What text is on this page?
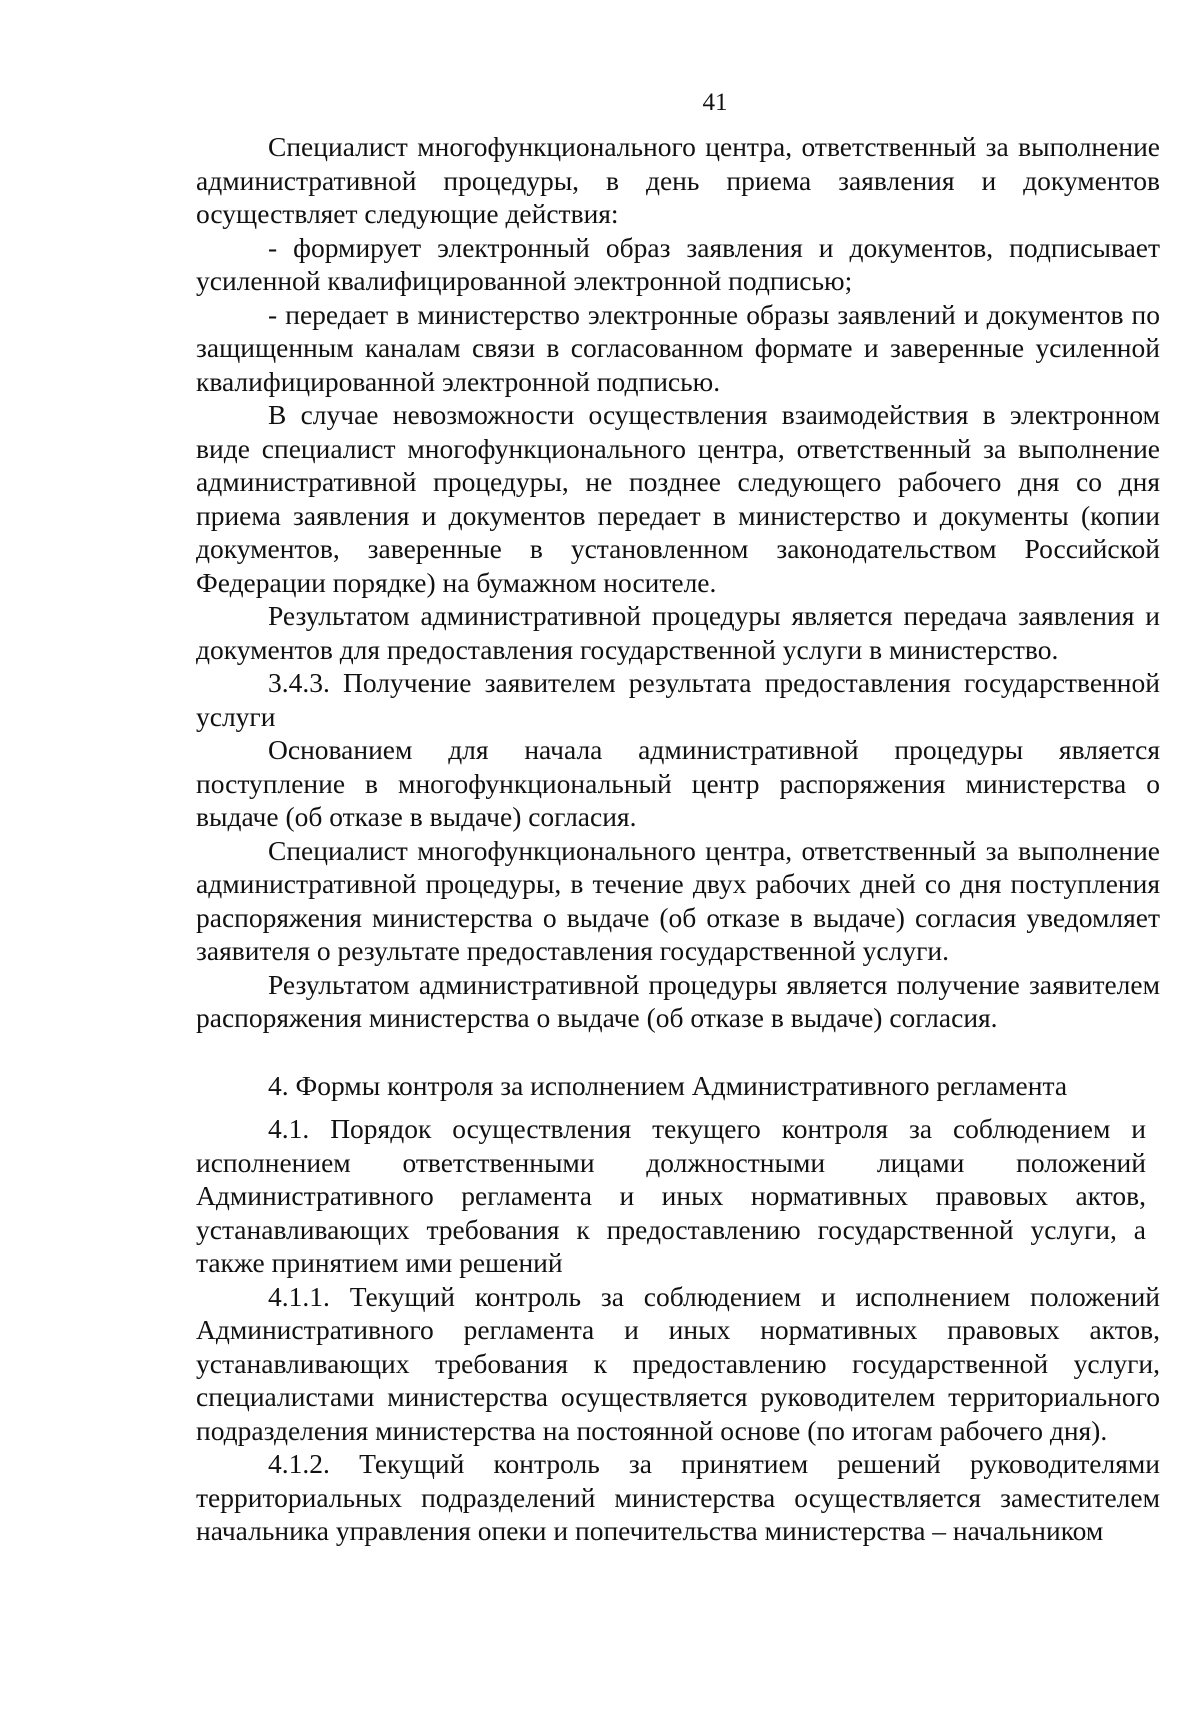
41

Специалист многофункционального центра, ответственный за выполнение административной процедуры, в день приема заявления и документов осуществляет следующие действия:

- формирует электронный образ заявления и документов, подписывает усиленной квалифицированной электронной подписью;

- передает в министерство электронные образы заявлений и документов по защищенным каналам связи в согласованном формате и заверенные усиленной квалифицированной электронной подписью.

В случае невозможности осуществления взаимодействия в электронном виде специалист многофункционального центра, ответственный за выполнение административной процедуры, не позднее следующего рабочего дня со дня приема заявления и документов передает в министерство и документы (копии документов, заверенные в установленном законодательством Российской Федерации порядке) на бумажном носителе.

Результатом административной процедуры является передача заявления и документов для предоставления государственной услуги в министерство.

3.4.3. Получение заявителем результата предоставления государственной услуги

Основанием для начала административной процедуры является поступление в многофункциональный центр распоряжения министерства о выдаче (об отказе в выдаче) согласия.

Специалист многофункционального центра, ответственный за выполнение административной процедуры, в течение двух рабочих дней со дня поступления распоряжения министерства о выдаче (об отказе в выдаче) согласия уведомляет заявителя о результате предоставления государственной услуги.

Результатом административной процедуры является получение заявителем распоряжения министерства о выдаче (об отказе в выдаче) согласия.

4. Формы контроля за исполнением Административного регламента

4.1. Порядок осуществления текущего контроля за соблюдением и исполнением ответственными должностными лицами положений Административного регламента и иных нормативных правовых актов, устанавливающих требования к предоставлению государственной услуги, а также принятием ими решений

4.1.1. Текущий контроль за соблюдением и исполнением положений Административного регламента и иных нормативных правовых актов, устанавливающих требования к предоставлению государственной услуги, специалистами министерства осуществляется руководителем территориального подразделения министерства на постоянной основе (по итогам рабочего дня).

4.1.2. Текущий контроль за принятием решений руководителями территориальных подразделений министерства осуществляется заместителем начальника управления опеки и попечительства министерства – начальником
